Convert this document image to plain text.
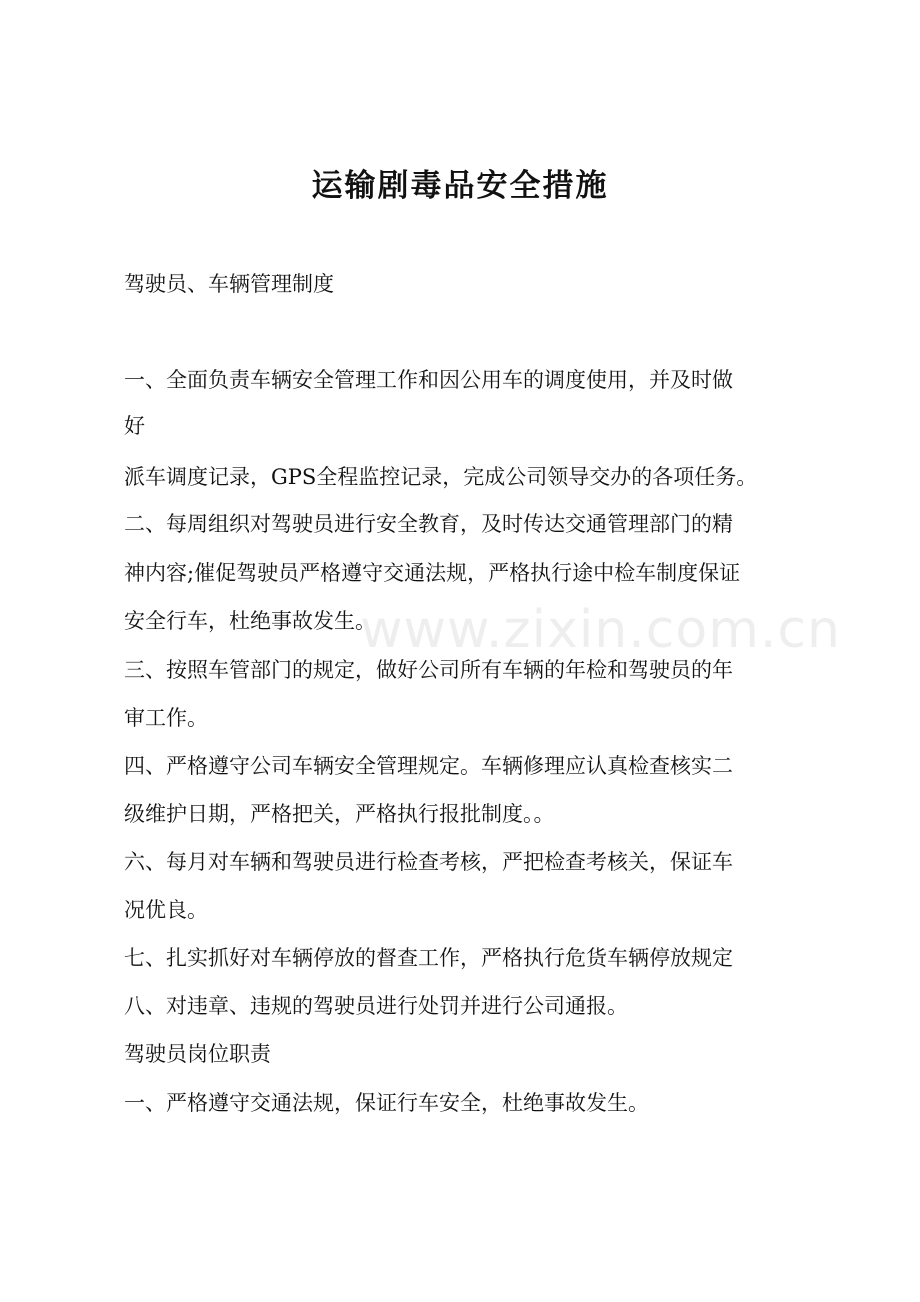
运输剧毒品安全措施
驾驶员、车辆管理制度
一、全面负责车辆安全管理工作和因公用车的调度使用，并及时做
好
派车调度记录，GPS全程监控记录，完成公司领导交办的各项任务。
二、每周组织对驾驶员进行安全教育，及时传达交通管理部门的精
神内容;催促驾驶员严格遵守交通法规，严格执行途中检车制度保证
安全行车，杜绝事故发生。
三、按照车管部门的规定，做好公司所有车辆的年检和驾驶员的年
审工作。
四、严格遵守公司车辆安全管理规定。车辆修理应认真检查核实二
级维护日期，严格把关，严格执行报批制度。。
六、每月对车辆和驾驶员进行检查考核，严把检查考核关，保证车
况优良。
七、扎实抓好对车辆停放的督查工作，严格执行危货车辆停放规定
八、对违章、违规的驾驶员进行处罚并进行公司通报。
驾驶员岗位职责
一、严格遵守交通法规，保证行车安全，杜绝事故发生。
www.zixin.com.cn
